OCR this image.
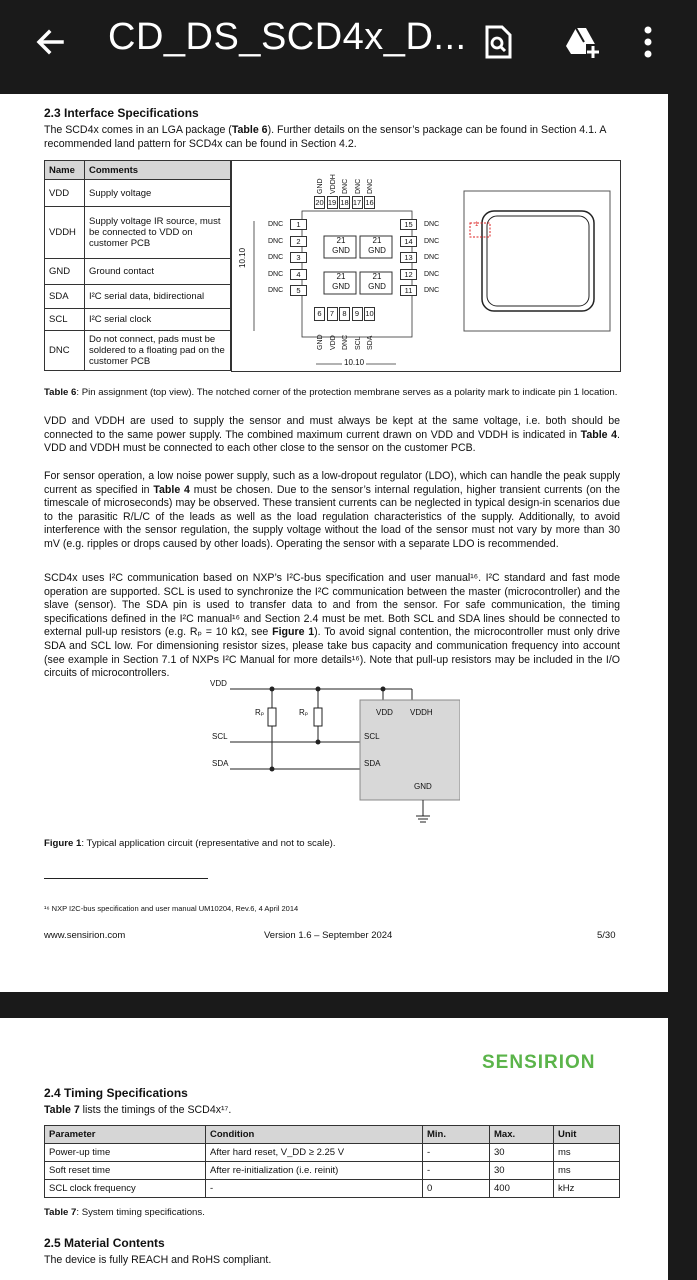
CD_DS_SCD4x_D...
2.3 Interface Specifications
The SCD4x comes in an LGA package (Table 6). Further details on the sensor’s package can be found in Section 4.1. A recommended land pattern for SCD4x can be found in Section 4.2.
Name	Comments
VDD	Supply voltage
VDDH	Supply voltage IR source, must be connected to VDD on customer PCB
GND	Ground contact
SDA	I²C serial data, bidirectional
SCL	I²C serial clock
DNC	Do not connect, pads must be soldered to a floating pad on the customer PCB
10.10
10.10
1
21
GND
21
GND
21
GND
21
GND
20
GND
19
VDDH
18
DNC
17
DNC
16
DNC
1
DNC
2
DNC
3
DNC
4
DNC
5
DNC
15	DNC
14	DNC
13	DNC
12	DNC
11	DNC
6
GND
7
VDD
8
DNC
9
SCL
10
SDA
Table 6: Pin assignment (top view). The notched corner of the protection membrane serves as a polarity mark to indicate pin 1 location.
VDD and VDDH are used to supply the sensor and must always be kept at the same voltage, i.e. both should be connected to the same power supply. The combined maximum current drawn on VDD and VDDH is indicated in Table 4. VDD and VDDH must be connected to each other close to the sensor on the customer PCB.
For sensor operation, a low noise power supply, such as a low-dropout regulator (LDO), which can handle the peak supply current as specified in Table 4 must be chosen. Due to the sensor’s internal regulation, higher transient currents (on the timescale of microseconds) may be observed. These transient currents can be neglected in typical design-in scenarios due to the parasitic R/L/C of the leads as well as the load regulation characteristics of the supply. Additionally, to avoid interference with the sensor regulation, the supply voltage without the load of the sensor must not vary by more than 30 mV (e.g. ripples or drops caused by other loads). Operating the sensor with a separate LDO is recommended.
SCD4x uses I²C communication based on NXP’s I²C-bus specification and user manual¹⁶. I²C standard and fast mode operation are supported. SCL is used to synchronize the I²C communication between the master (microcontroller) and the slave (sensor). The SDA pin is used to transfer data to and from the sensor. For safe communication, the timing specifications defined in the I²C manual¹⁶ and Section 2.4 must be met. Both SCL and SDA lines should be connected to external pull-up resistors (e.g. Rₚ = 10 kΩ, see Figure 1). To avoid signal contention, the microcontroller must only drive SDA and SCL low. For dimensioning resistor sizes, please take bus capacity and communication frequency into account (see example in Section 7.1 of NXPs I²C Manual for more details¹⁶). Note that pull-up resistors may be included in the I/O circuits of microcontrollers.
VDD
SCL
SDA
Rₚ	Rₚ	VDD VDDH
SCL
SDA
GND
Figure 1: Typical application circuit (representative and not to scale).
¹⁶ NXP I2C-bus specification and user manual UM10204, Rev.6, 4 April 2014
www.sensirion.com	Version 1.6 – September 2024	5/30
SENSIRION
2.4 Timing Specifications
Table 7 lists the timings of the SCD4x¹⁷.
Parameter	Condition	Min.	Max.	Unit
Power-up time	After hard reset, V_DD ≥ 2.25 V	-	30	ms
Soft reset time	After re-initialization (i.e. reinit)	-	30	ms
SCL clock frequency	-	0	400	kHz
Table 7: System timing specifications.
2.5 Material Contents
The device is fully REACH and RoHS compliant.
